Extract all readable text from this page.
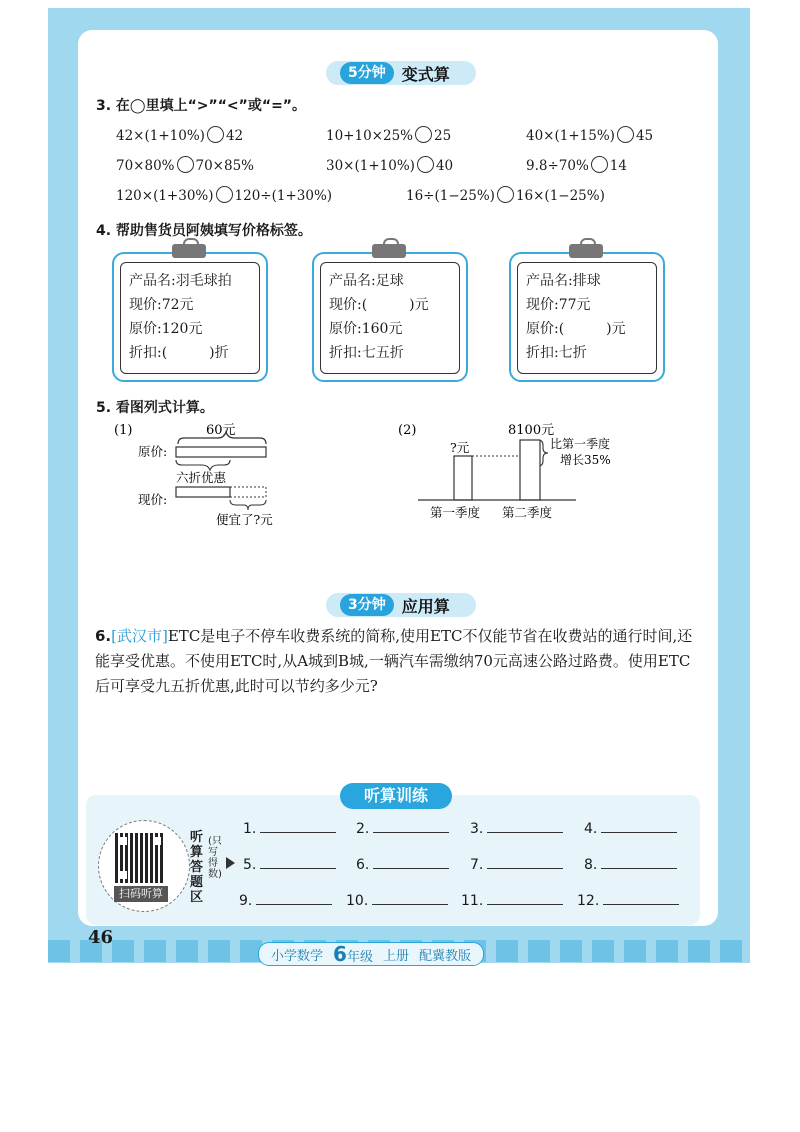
5分钟	变式算
3. 在◯里填上“>”“<”或“=”。
42×(1+10%) 42	10+10×25% 25	40×(1+15%) 45
70×80% 70×85%	30×(1+10%) 40	9.8÷70% 14
120×(1+30%) 120÷(1+30%)	16÷(1−25%) 16×(1−25%)
4. 帮助售货员阿姨填写价格标签。
产品名:羽毛球拍
现价:72元
原价:120元
折扣:(　　　)折
产品名:足球
现价:(　　　)元
原价:160元
折扣:七五折
产品名:排球
现价:77元
原价:(　　　)元
折扣:七折
5. 看图列式计算。
(1)	60元
原价:
六折优惠
现价:
便宜了?元
(2)	8100元
?元	比第一季度
增长35%
第一季度 第二季度
3分钟	应用算
6.[武汉市]ETC是电子不停车收费系统的简称,使用ETC不仅能节省在收费站的通行时间,还能享受优惠。不使用ETC时,从A城到B城,一辆汽车需缴纳70元高速公路过路费。使用ETC后可享受九五折优惠,此时可以节约多少元?
听算训练
扫码听算
听算答题区
(只写得数)
1.	2.	3.	4.
5.	6.	7.	8.
9.	10.	11.	12.
46
小学数学 6年级 上册 配冀教版
